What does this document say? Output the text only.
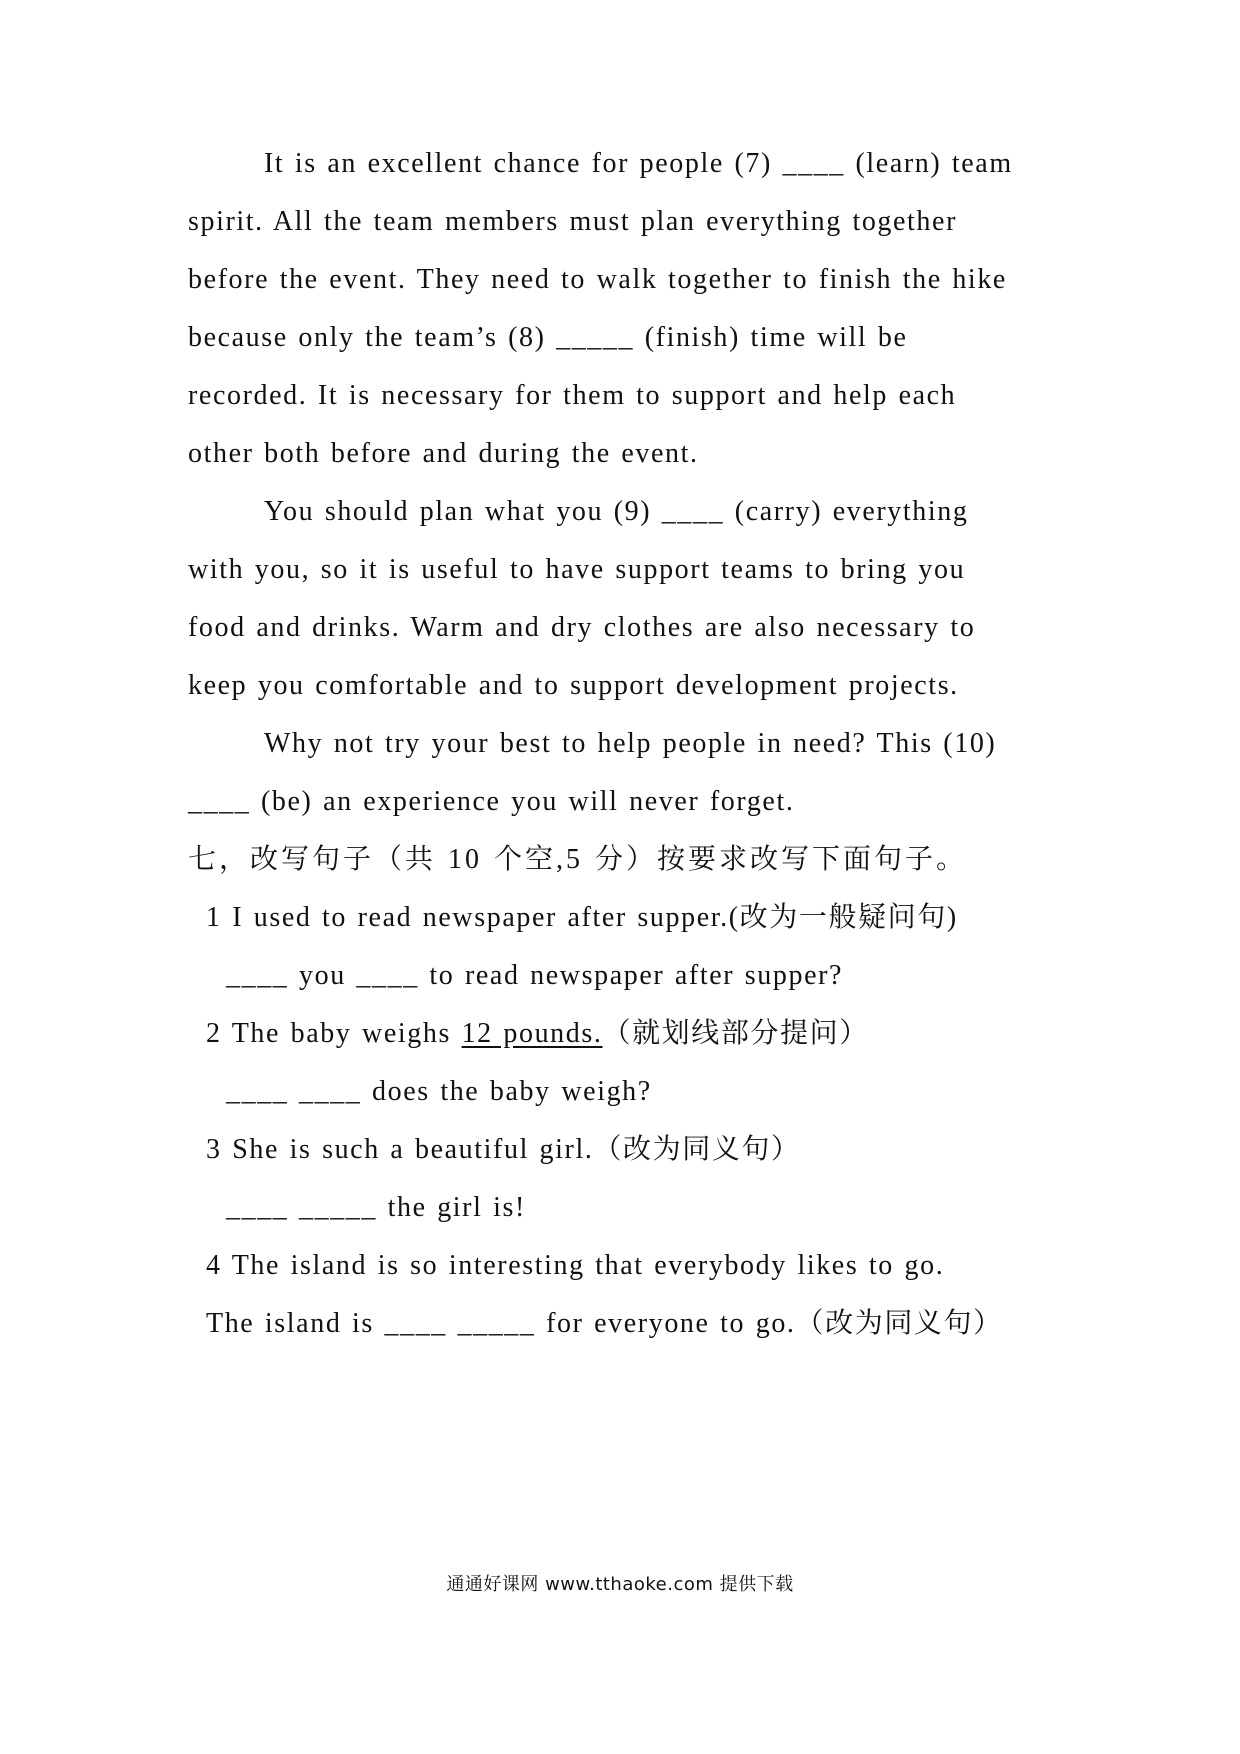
It is an excellent chance for people (7) ____ (learn) team
spirit. All the team members must plan everything together
before the event. They need to walk together to finish the hike
because only the team’s (8) _____ (finish) time will be
recorded. It is necessary for them to support and help each
other both before and during the event.
You should plan what you (9) ____ (carry) everything
with you, so it is useful to have support teams to bring you
food and drinks. Warm and dry clothes are also necessary to
keep you comfortable and to support development projects.
Why not try your best to help people in need? This (10)
____ (be) an experience you will never forget.
七，改写句子（共 10 个空,5 分）按要求改写下面句子。
1 I used to read newspaper after supper.(改为一般疑问句)
____ you ____ to read newspaper after supper?
2 The baby weighs 12 pounds.（就划线部分提问）
____ ____ does the baby weigh?
3 She is such a beautiful girl.（改为同义句）
____ _____ the girl is!
4 The island is so interesting that everybody likes to go.
The island is ____ _____ for everyone to go.（改为同义句）
通通好课网 www.tthaoke.com 提供下载
